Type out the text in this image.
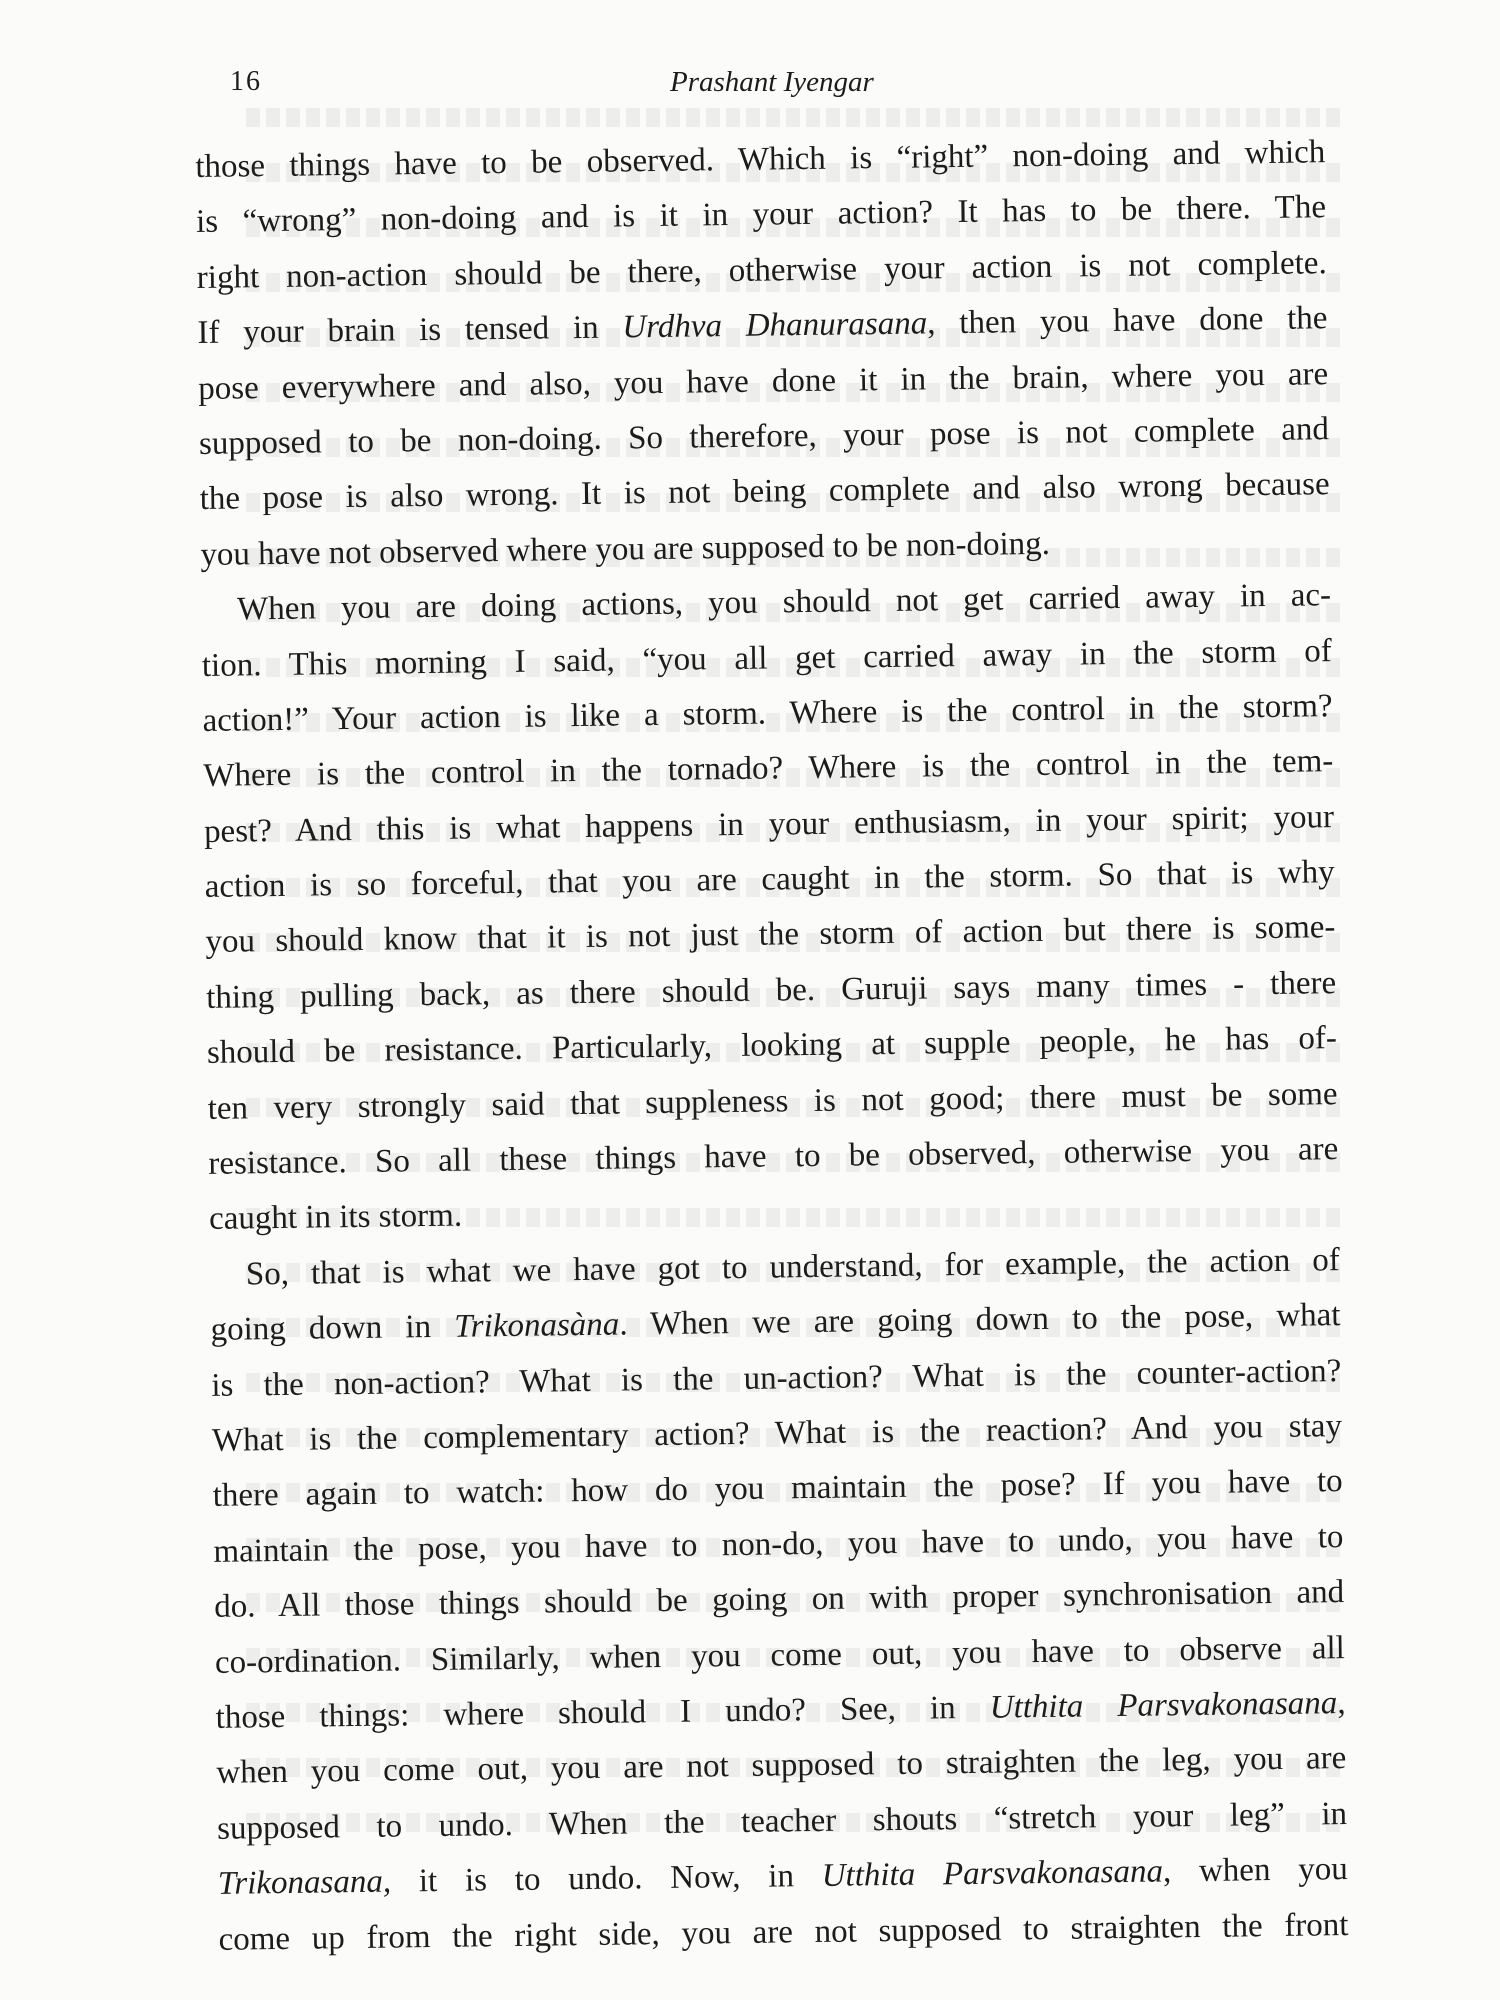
16	Prashant Iyengar
those things have to be observed. Which is “right” non-doing and which
is “wrong” non-doing and is it in your action? It has to be there. The
right non-action should be there, otherwise your action is not complete.
If your brain is tensed in Urdhva Dhanurasana, then you have done the
pose everywhere and also, you have done it in the brain, where you are
supposed to be non-doing. So therefore, your pose is not complete and
the pose is also wrong. It is not being complete and also wrong because
you have not observed where you are supposed to be non-doing.
When you are doing actions, you should not get carried away in ac-
tion. This morning I said, “you all get carried away in the storm of
action!” Your action is like a storm. Where is the control in the storm?
Where is the control in the tornado? Where is the control in the tem-
pest? And this is what happens in your enthusiasm, in your spirit; your
action is so forceful, that you are caught in the storm. So that is why
you should know that it is not just the storm of action but there is some-
thing pulling back, as there should be. Guruji says many times - there
should be resistance. Particularly, looking at supple people, he has of-
ten very strongly said that suppleness is not good; there must be some
resistance. So all these things have to be observed, otherwise you are
caught in its storm.
So, that is what we have got to understand, for example, the action of
going down in Trikonasàna. When we are going down to the pose, what
is the non-action? What is the un-action? What is the counter-action?
What is the complementary action? What is the reaction? And you stay
there again to watch: how do you maintain the pose? If you have to
maintain the pose, you have to non-do, you have to undo, you have to
do. All those things should be going on with proper synchronisation and
co-ordination. Similarly, when you come out, you have to observe all
those things: where should I undo? See, in Utthita Parsvakonasana,
when you come out, you are not supposed to straighten the leg, you are
supposed to undo. When the teacher shouts “stretch your leg” in
Trikonasana, it is to undo. Now, in Utthita Parsvakonasana, when you
come up from the right side, you are not supposed to straighten the front
